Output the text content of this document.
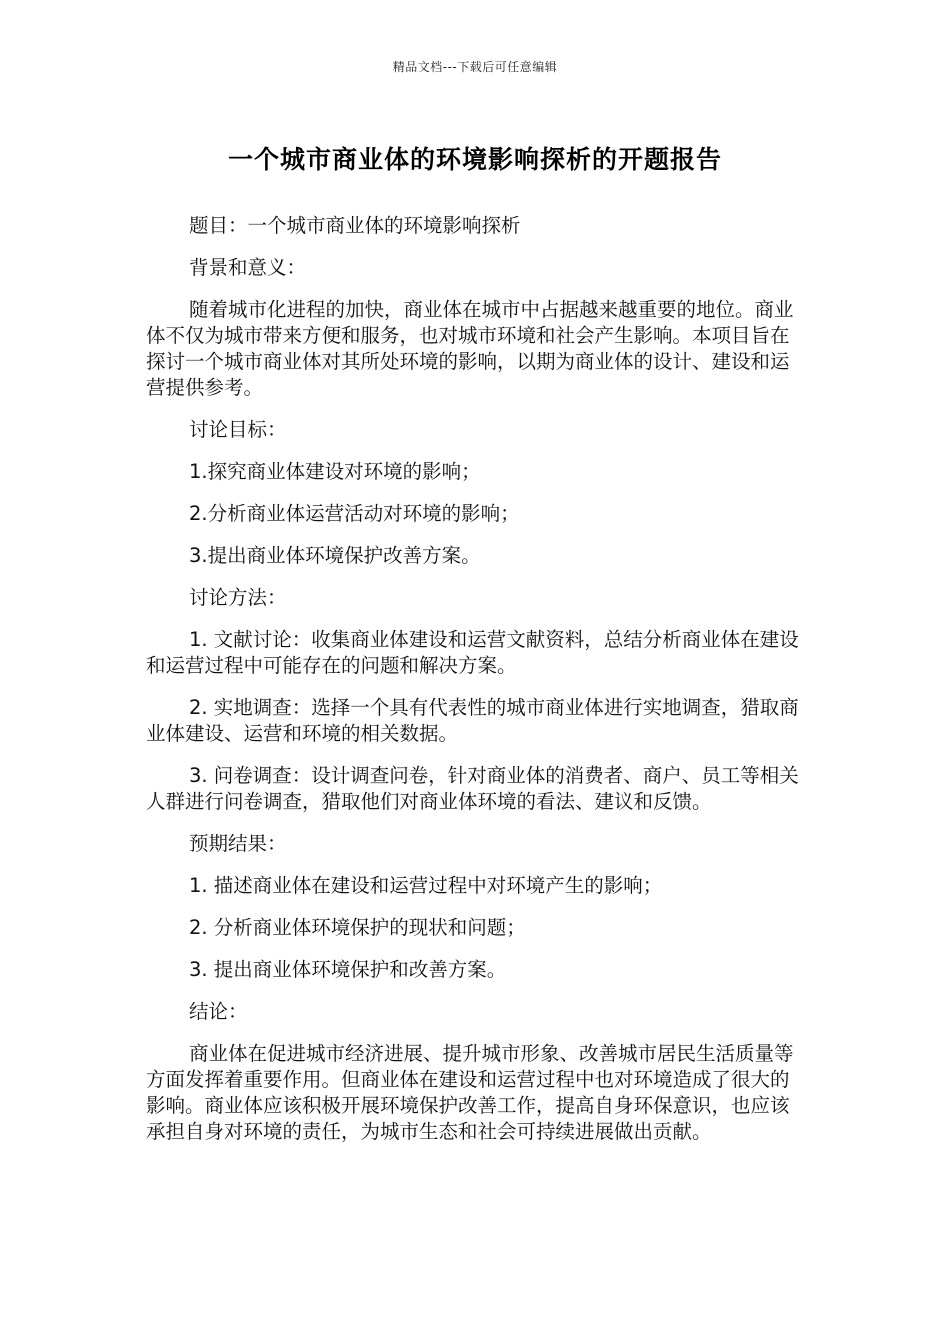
精品文档---下载后可任意编辑
一个城市商业体的环境影响探析的开题报告

题目：一个城市商业体的环境影响探析

背景和意义：

随着城市化进程的加快，商业体在城市中占据越来越重要的地位。商业体不仅为城市带来方便和服务，也对城市环境和社会产生影响。本项目旨在探讨一个城市商业体对其所处环境的影响，以期为商业体的设计、建设和运营提供参考。

讨论目标：

1.探究商业体建设对环境的影响；

2.分析商业体运营活动对环境的影响；

3.提出商业体环境保护改善方案。

讨论方法：

1. 文献讨论：收集商业体建设和运营文献资料，总结分析商业体在建设和运营过程中可能存在的问题和解决方案。

2. 实地调查：选择一个具有代表性的城市商业体进行实地调查，猎取商业体建设、运营和环境的相关数据。

3. 问卷调查：设计调查问卷，针对商业体的消费者、商户、员工等相关人群进行问卷调查，猎取他们对商业体环境的看法、建议和反馈。

预期结果：

1. 描述商业体在建设和运营过程中对环境产生的影响；

2. 分析商业体环境保护的现状和问题；

3. 提出商业体环境保护和改善方案。

结论：

商业体在促进城市经济进展、提升城市形象、改善城市居民生活质量等方面发挥着重要作用。但商业体在建设和运营过程中也对环境造成了很大的影响。商业体应该积极开展环境保护改善工作，提高自身环保意识，也应该承担自身对环境的责任，为城市生态和社会可持续进展做出贡献。
